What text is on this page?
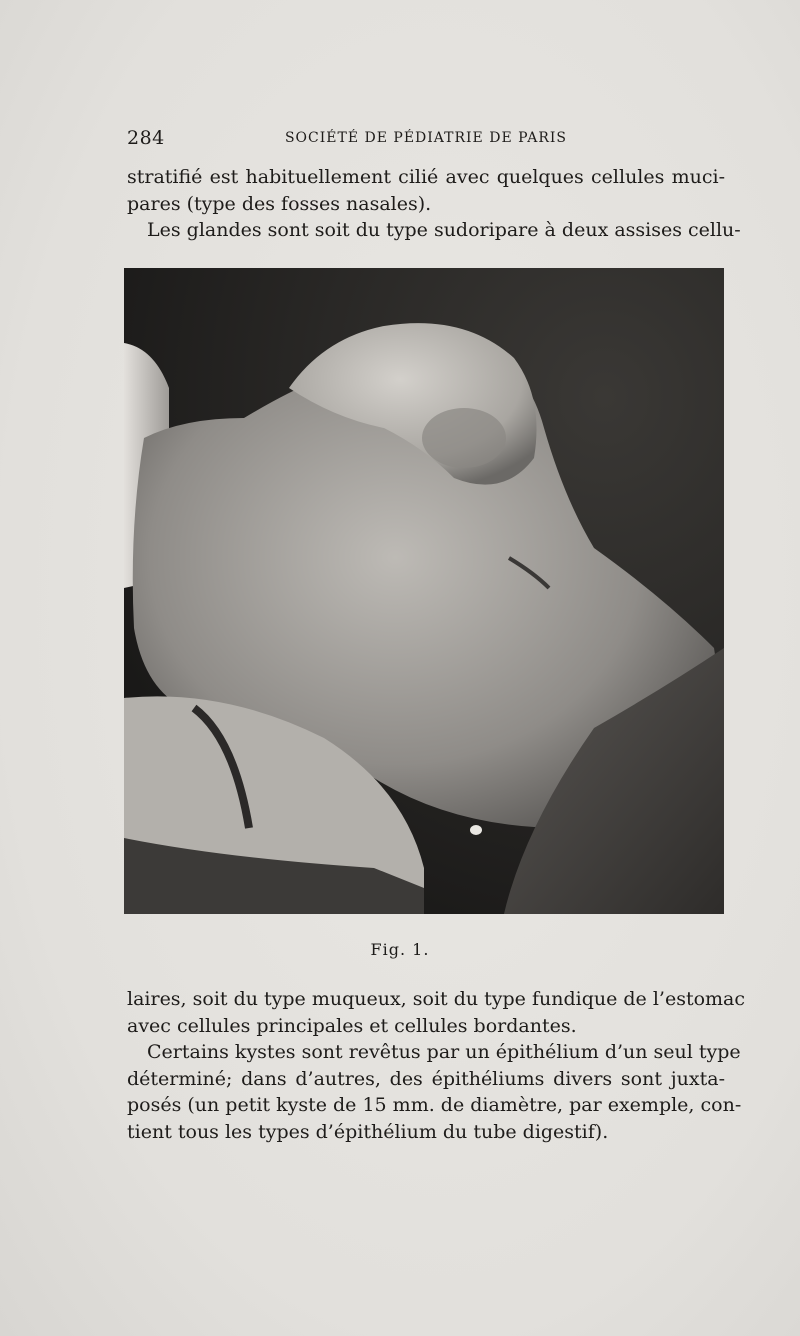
284	SOCIÉTÉ DE PÉDIATRIE DE PARIS
stratifié est habituellement cilié avec quelques cellules muci-
pares (type des fosses nasales).
Les glandes sont soit du type sudoripare à deux assises cellu-
Fig. 1.
laires, soit du type muqueux, soit du type fundique de l’estomac
avec cellules principales et cellules bordantes.
Certains kystes sont revêtus par un épithélium d’un seul type
déterminé; dans d’autres, des épithéliums divers sont juxta-
posés (un petit kyste de 15 mm. de diamètre, par exemple, con-
tient tous les types d’épithélium du tube digestif).
